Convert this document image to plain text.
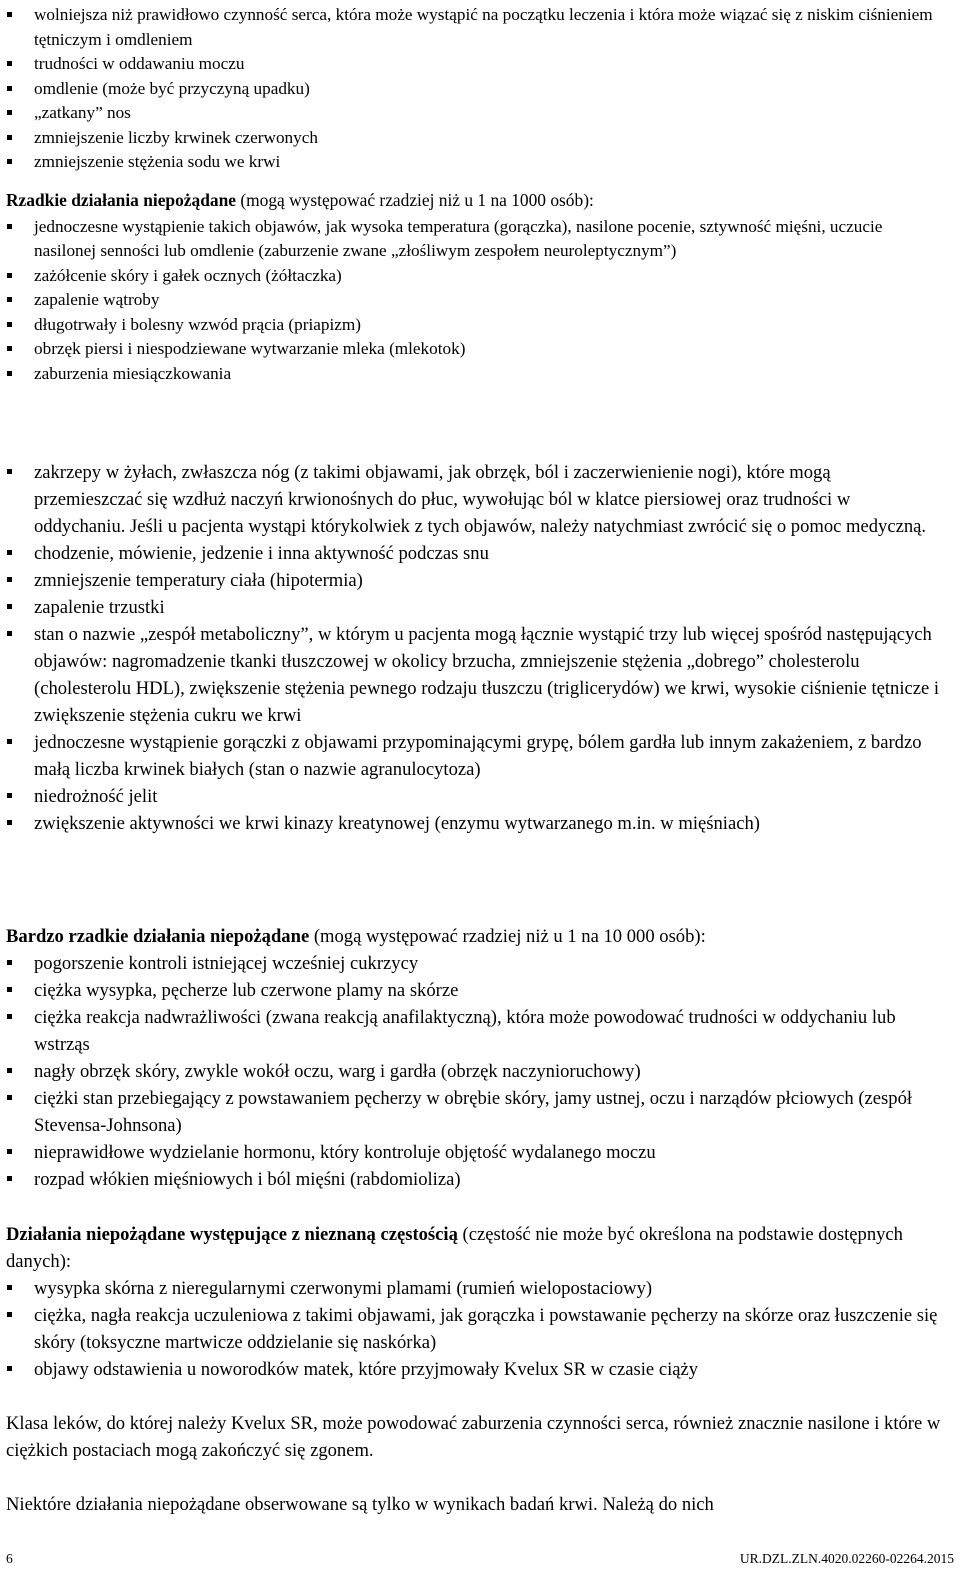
wolniejsza niż prawidłowo czynność serca, która może wystąpić na początku leczenia i która może wiązać się z niskim ciśnieniem tętniczym i omdleniem
trudności w oddawaniu moczu
omdlenie (może być przyczyną upadku)
„zatkany” nos
zmniejszenie liczby krwinek czerwonych
zmniejszenie stężenia sodu we krwi

Rzadkie działania niepożądane (mogą występować rzadziej niż u 1 na 1000 osób):

jednoczesne wystąpienie takich objawów, jak wysoka temperatura (gorączka), nasilone pocenie, sztywność mięśni, uczucie nasilonej senności lub omdlenie (zaburzenie zwane „złośliwym zespołem neuroleptycznym”)
zażółcenie skóry i gałek ocznych (żółtaczka)
zapalenie wątroby
długotrwały i bolesny wzwód prącia (priapizm)
obrzęk piersi i niespodziewane wytwarzanie mleka (mlekotok)
zaburzenia miesiączkowania
zakrzepy w żyłach, zwłaszcza nóg (z takimi objawami, jak obrzęk, ból i zaczerwienienie nogi), które mogą przemieszczać się wzdłuż naczyń krwionośnych do płuc, wywołując ból w klatce piersiowej oraz trudności w oddychaniu. Jeśli u pacjenta wystąpi którykolwiek z tych objawów, należy natychmiast zwrócić się o pomoc medyczną.
chodzenie, mówienie, jedzenie i inna aktywność podczas snu
zmniejszenie temperatury ciała (hipotermia)
zapalenie trzustki
stan o nazwie „zespół metaboliczny”, w którym u pacjenta mogą łącznie wystąpić trzy lub więcej spośród następujących objawów: nagromadzenie tkanki tłuszczowej w okolicy brzucha, zmniejszenie stężenia „dobrego” cholesterolu (cholesterolu HDL), zwiększenie stężenia pewnego rodzaju tłuszczu (triglicerydów) we krwi, wysokie ciśnienie tętnicze i zwiększenie stężenia cukru we krwi
jednoczesne wystąpienie gorączki z objawami przypominającymi grypę, bólem gardła lub innym zakażeniem, z bardzo małą liczba krwinek białych (stan o nazwie agranulocytoza)
niedrożność jelit
zwiększenie aktywności we krwi kinazy kreatynowej (enzymu wytwarzanego m.in. w mięśniach)

Bardzo rzadkie działania niepożądane (mogą występować rzadziej niż u 1 na 10 000 osób):

pogorszenie kontroli istniejącej wcześniej cukrzycy
ciężka wysypka, pęcherze lub czerwone plamy na skórze
ciężka reakcja nadwrażliwości (zwana reakcją anafilaktyczną), która może powodować trudności w oddychaniu lub wstrząs
nagły obrzęk skóry, zwykle wokół oczu, warg i gardła (obrzęk naczynioruchowy)
ciężki stan przebiegający z powstawaniem pęcherzy w obrębie skóry, jamy ustnej, oczu i narządów płciowych (zespół Stevensa-Johnsona)
nieprawidłowe wydzielanie hormonu, który kontroluje objętość wydalanego moczu
rozpad włókien mięśniowych i ból mięśni (rabdomioliza)

Działania niepożądane występujące z nieznaną częstością (częstość nie może być określona na podstawie dostępnych danych):

wysypka skórna z nieregularnymi czerwonymi plamami (rumień wielopostaciowy)
ciężka, nagła reakcja uczuleniowa z takimi objawami, jak gorączka i powstawanie pęcherzy na skórze oraz łuszczenie się skóry (toksyczne martwicze oddzielanie się naskórka)
objawy odstawienia u noworodków matek, które przyjmowały Kvelux SR w czasie ciąży

Klasa leków, do której należy Kvelux SR, może powodować zaburzenia czynności serca, również znacznie nasilone i które w ciężkich postaciach mogą zakończyć się zgonem.

Niektóre działania niepożądane obserwowane są tylko w wynikach badań krwi. Należą do nich

6	UR.DZL.ZLN.4020.02260-02264.2015
